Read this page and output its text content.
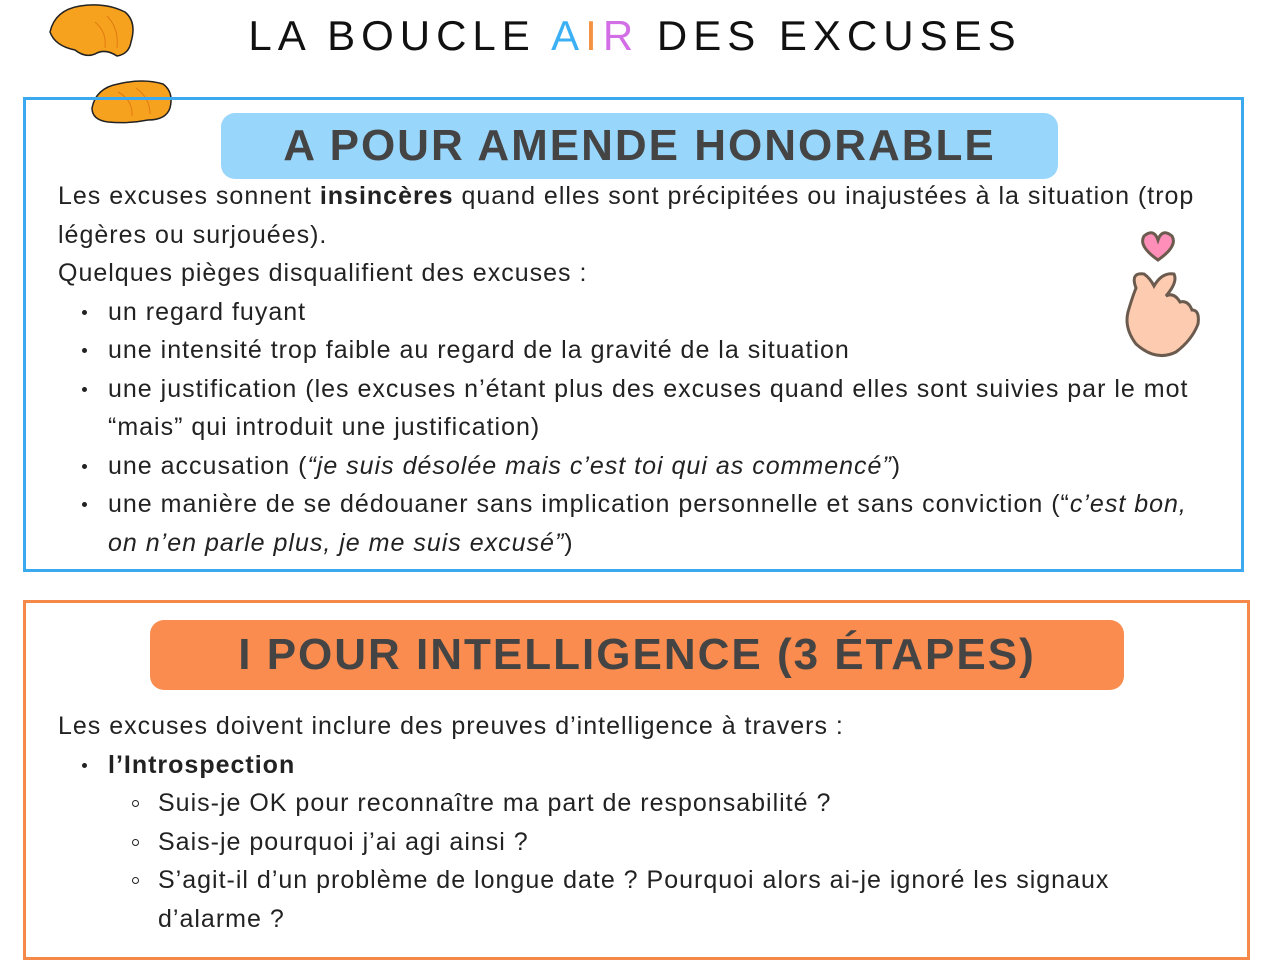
LA BOUCLE AIR DES EXCUSES
A POUR AMENDE HONORABLE
Les excuses sonnent insincères quand elles sont précipitées ou inajustées à la situation (trop légères ou surjouées).
Quelques pièges disqualifient des excuses :
un regard fuyant
une intensité trop faible au regard de la gravité de la situation
une justification (les excuses n’étant plus des excuses quand elles sont suivies par le mot “mais” qui introduit une justification)
une accusation (“je suis désolée mais c’est toi qui as commencé”)
une manière de se dédouaner sans implication personnelle et sans conviction (“c’est bon, on n’en parle plus, je me suis excusé”)
I POUR INTELLIGENCE (3 ÉTAPES)
Les excuses doivent inclure des preuves d’intelligence à travers :
l’Introspection
Suis-je OK pour reconnaître ma part de responsabilité ?
Sais-je pourquoi j’ai agi ainsi ?
S’agit-il d’un problème de longue date ? Pourquoi alors ai-je ignoré les signaux d’alarme ?
